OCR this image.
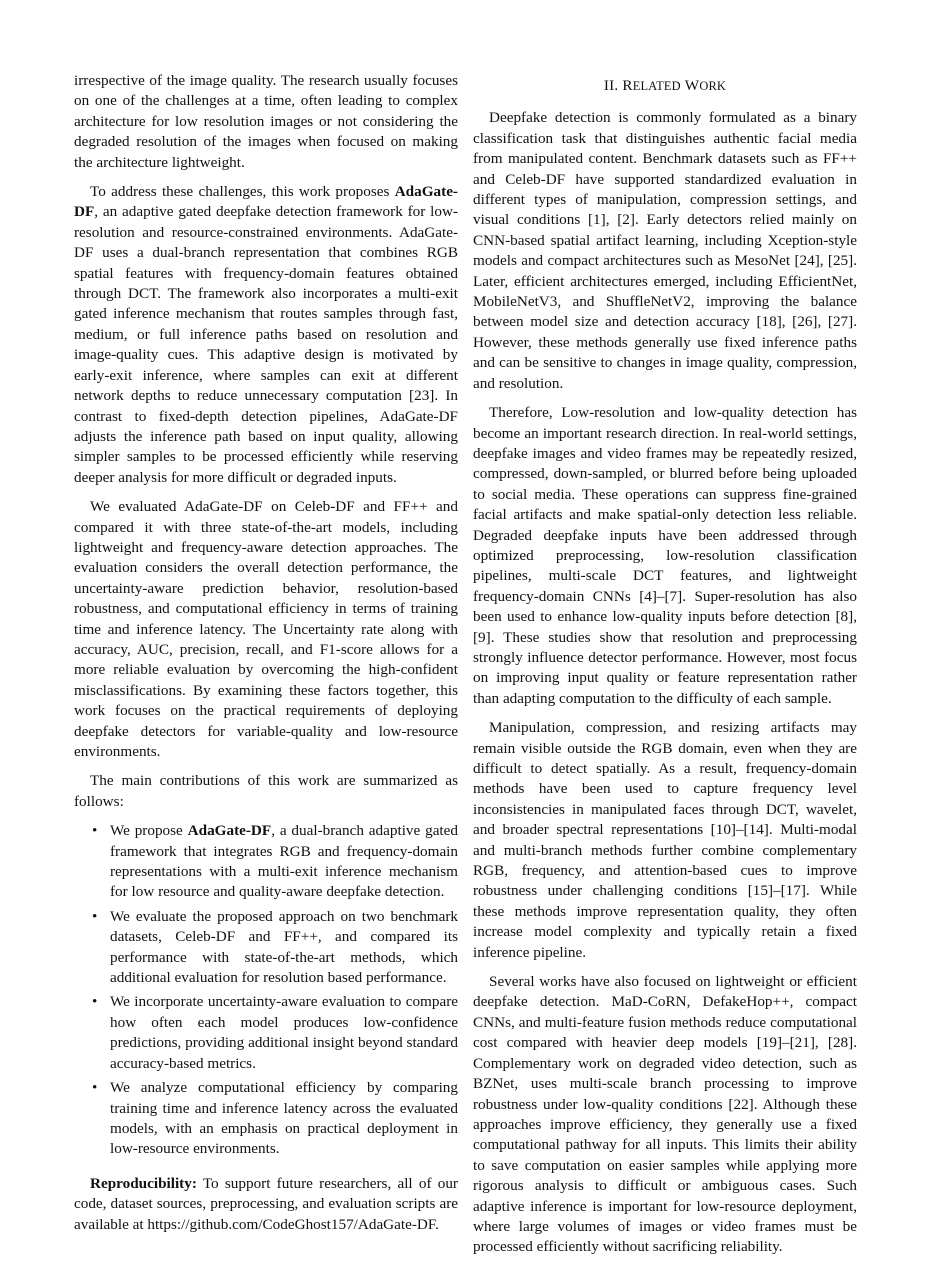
irrespective of the image quality. The research usually focuses on one of the challenges at a time, often leading to complex architecture for low resolution images or not considering the degraded resolution of the images when focused on making the architecture lightweight.

To address these challenges, this work proposes AdaGate-DF, an adaptive gated deepfake detection framework for low-resolution and resource-constrained environments. AdaGate-DF uses a dual-branch representation that combines RGB spatial features with frequency-domain features obtained through DCT. The framework also incorporates a multi-exit gated inference mechanism that routes samples through fast, medium, or full inference paths based on resolution and image-quality cues. This adaptive design is motivated by early-exit inference, where samples can exit at different network depths to reduce unnecessary computation [23]. In contrast to fixed-depth detection pipelines, AdaGate-DF adjusts the inference path based on input quality, allowing simpler samples to be processed efficiently while reserving deeper analysis for more difficult or degraded inputs.

We evaluated AdaGate-DF on Celeb-DF and FF++ and compared it with three state-of-the-art models, including lightweight and frequency-aware detection approaches. The evaluation considers the overall detection performance, the uncertainty-aware prediction behavior, resolution-based robustness, and computational efficiency in terms of training time and inference latency. The Uncertainty rate along with accuracy, AUC, precision, recall, and F1-score allows for a more reliable evaluation by overcoming the high-confident misclassifications. By examining these factors together, this work focuses on the practical requirements of deploying deepfake detectors for variable-quality and low-resource environments.

The main contributions of this work are summarized as follows:

• We propose AdaGate-DF, a dual-branch adaptive gated framework that integrates RGB and frequency-domain representations with a multi-exit inference mechanism for low resource and quality-aware deepfake detection.
• We evaluate the proposed approach on two benchmark datasets, Celeb-DF and FF++, and compared its performance with state-of-the-art methods, which additional evaluation for resolution based performance.
• We incorporate uncertainty-aware evaluation to compare how often each model produces low-confidence predictions, providing additional insight beyond standard accuracy-based metrics.
• We analyze computational efficiency by comparing training time and inference latency across the evaluated models, with an emphasis on practical deployment in low-resource environments.

Reproducibility: To support future researchers, all of our code, dataset sources, preprocessing, and evaluation scripts are available at https://github.com/CodeGhost157/AdaGate-DF.

II. RELATED WORK

Deepfake detection is commonly formulated as a binary classification task that distinguishes authentic facial media from manipulated content. Benchmark datasets such as FF++ and Celeb-DF have supported standardized evaluation in different types of manipulation, compression settings, and visual conditions [1], [2]. Early detectors relied mainly on CNN-based spatial artifact learning, including Xception-style models and compact architectures such as MesoNet [24], [25]. Later, efficient architectures emerged, including EfficientNet, MobileNetV3, and ShuffleNetV2, improving the balance between model size and detection accuracy [18], [26], [27]. However, these methods generally use fixed inference paths and can be sensitive to changes in image quality, compression, and resolution.

Therefore, Low-resolution and low-quality detection has become an important research direction. In real-world settings, deepfake images and video frames may be repeatedly resized, compressed, down-sampled, or blurred before being uploaded to social media. These operations can suppress fine-grained facial artifacts and make spatial-only detection less reliable. Degraded deepfake inputs have been addressed through optimized preprocessing, low-resolution classification pipelines, multi-scale DCT features, and lightweight frequency-domain CNNs [4]–[7]. Super-resolution has also been used to enhance low-quality inputs before detection [8], [9]. These studies show that resolution and preprocessing strongly influence detector performance. However, most focus on improving input quality or feature representation rather than adapting computation to the difficulty of each sample.

Manipulation, compression, and resizing artifacts may remain visible outside the RGB domain, even when they are difficult to detect spatially. As a result, frequency-domain methods have been used to capture frequency level inconsistencies in manipulated faces through DCT, wavelet, and broader spectral representations [10]–[14]. Multi-modal and multi-branch methods further combine complementary RGB, frequency, and attention-based cues to improve robustness under challenging conditions [15]–[17]. While these methods improve representation quality, they often increase model complexity and typically retain a fixed inference pipeline.

Several works have also focused on lightweight or efficient deepfake detection. MaD-CoRN, DefakeHop++, compact CNNs, and multi-feature fusion methods reduce computational cost compared with heavier deep models [19]–[21], [28]. Complementary work on degraded video detection, such as BZNet, uses multi-scale branch processing to improve robustness under low-quality conditions [22]. Although these approaches improve efficiency, they generally use a fixed computational pathway for all inputs. This limits their ability to save computation on easier samples while applying more rigorous analysis to difficult or ambiguous cases. Such adaptive inference is important for low-resource deployment, where large volumes of images or video frames must be processed efficiently without sacrificing reliability.
